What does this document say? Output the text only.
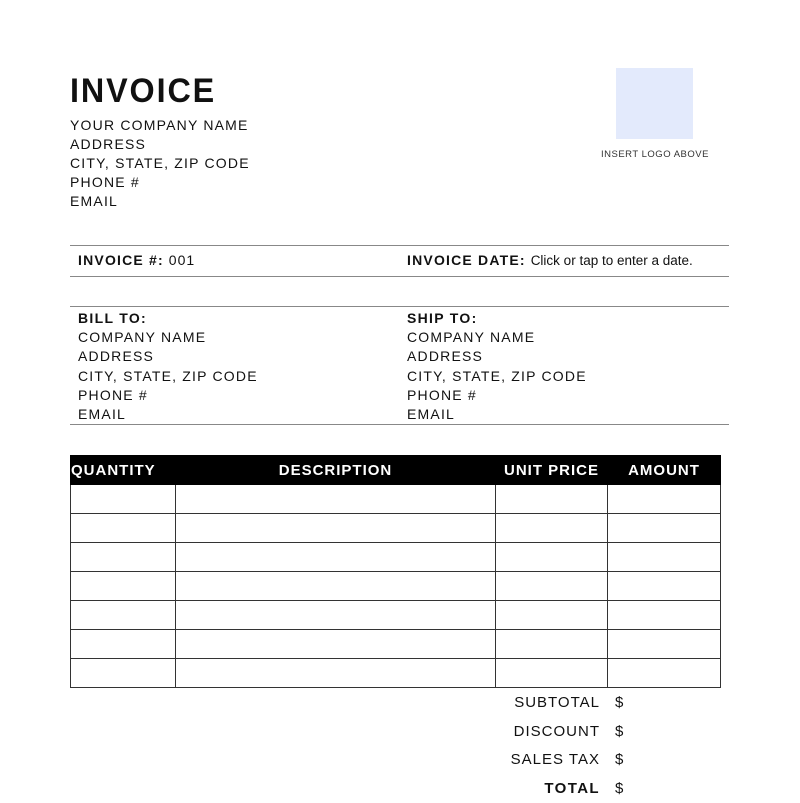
INVOICE
YOUR COMPANY NAME
ADDRESS
CITY, STATE, ZIP CODE
PHONE #
EMAIL
INSERT LOGO ABOVE
INVOICE #: 001	INVOICE DATE: Click or tap to enter a date.
BILL TO:
COMPANY NAME
ADDRESS
CITY, STATE, ZIP CODE
PHONE #
EMAIL
SHIP TO:
COMPANY NAME
ADDRESS
CITY, STATE, ZIP CODE
PHONE #
EMAIL
QUANTITY	DESCRIPTION	UNIT PRICE	AMOUNT

SUBTOTAL $
DISCOUNT $
SALES TAX $
TOTAL $
